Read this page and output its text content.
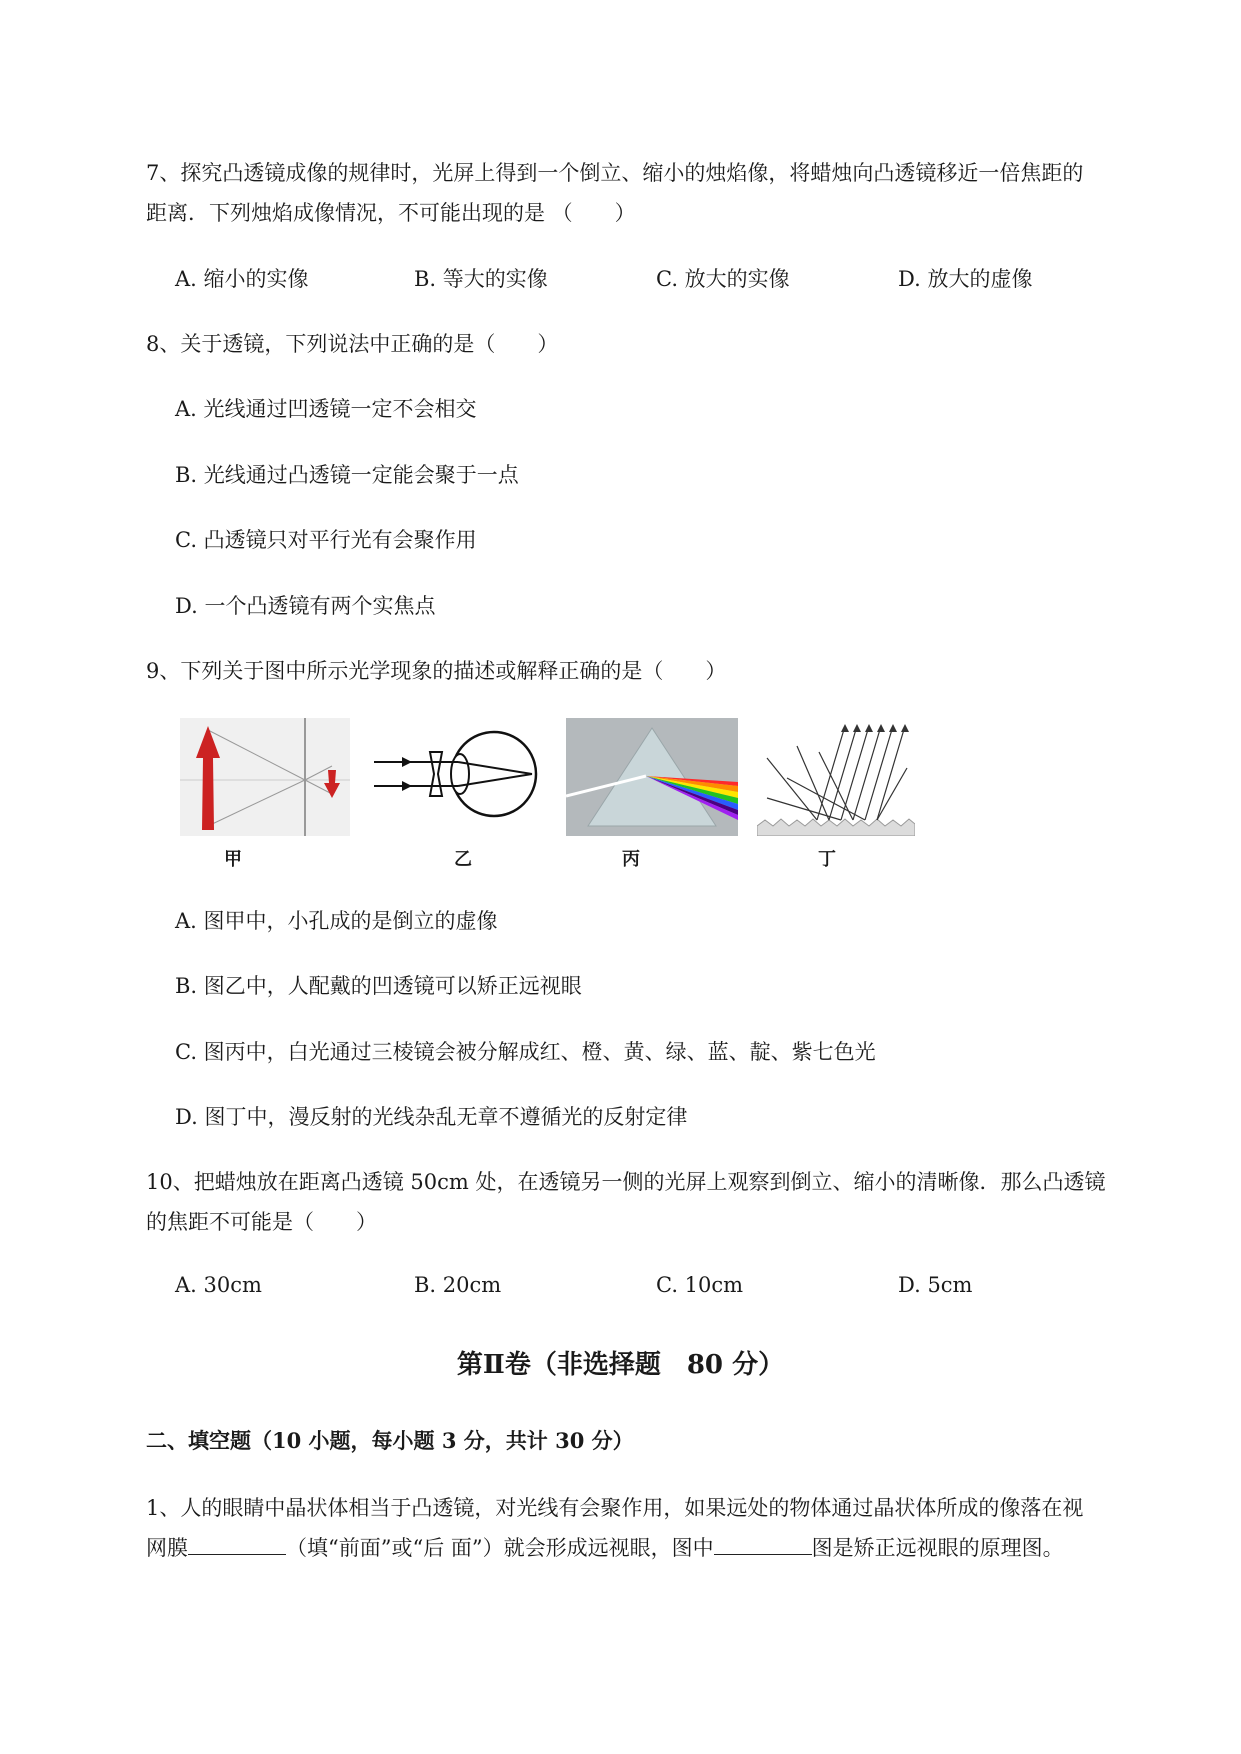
7、探究凸透镜成像的规律时，光屏上得到一个倒立、缩小的烛焰像，将蜡烛向凸透镜移近一倍焦距的
距离．下列烛焰成像情况，不可能出现的是 （　　）
A. 缩小的实像	B. 等大的实像	C. 放大的实像	D. 放大的虚像
8、关于透镜，下列说法中正确的是（　　）
A. 光线通过凹透镜一定不会相交
B. 光线通过凸透镜一定能会聚于一点
C. 凸透镜只对平行光有会聚作用
D. 一个凸透镜有两个实焦点
9、下列关于图中所示光学现象的描述或解释正确的是（　　）
甲	乙	丙	丁
A. 图甲中，小孔成的是倒立的虚像
B. 图乙中，人配戴的凹透镜可以矫正远视眼
C. 图丙中，白光通过三棱镜会被分解成红、橙、黄、绿、蓝、靛、紫七色光
D. 图丁中，漫反射的光线杂乱无章不遵循光的反射定律
10、把蜡烛放在距离凸透镜 50cm 处，在透镜另一侧的光屏上观察到倒立、缩小的清晰像．那么凸透镜
的焦距不可能是（　　）
A. 30cm	B. 20cm	C. 10cm	D. 5cm
第Ⅱ卷（非选择题　80 分）
二、填空题（10 小题，每小题 3 分，共计 30 分）
1、人的眼睛中晶状体相当于凸透镜，对光线有会聚作用，如果远处的物体通过晶状体所成的像落在视
网膜	（填“前面”或“后 面”）就会形成远视眼，图中	图是矫正远视眼的原理图。
